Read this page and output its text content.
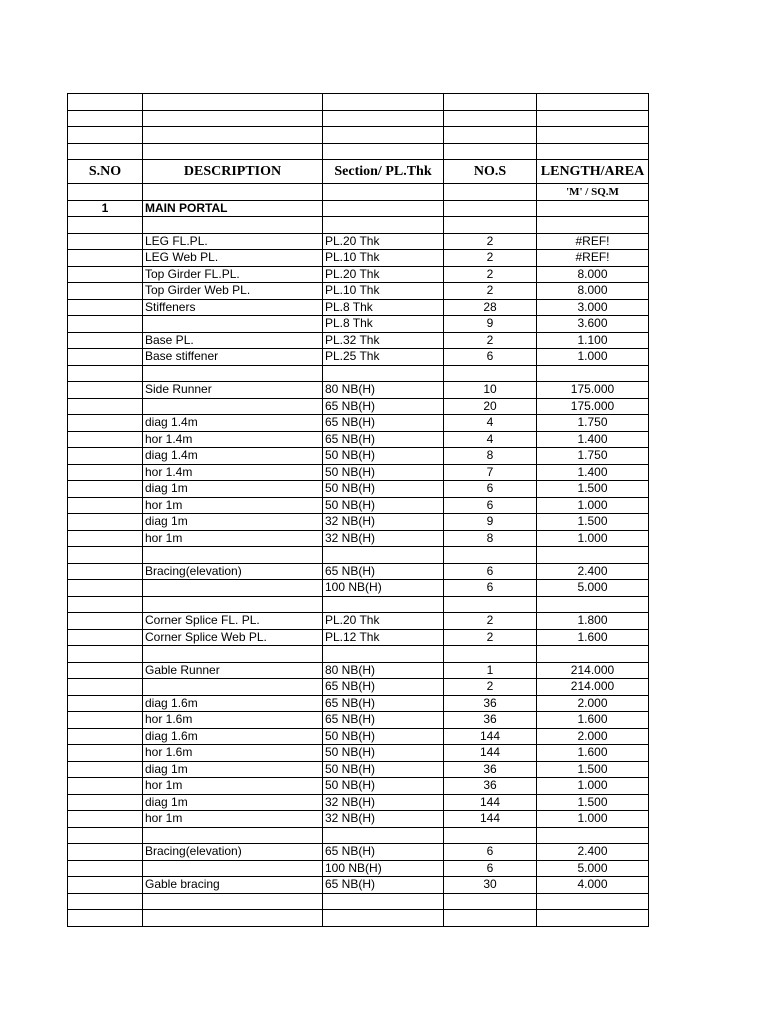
S.NO	DESCRIPTION	Section/ PL.Thk	NO.S	LENGTH/AREA
				'M' / SQ.M
1	MAIN PORTAL			

	LEG FL.PL.	PL.20 Thk	2	#REF!
	LEG Web PL.	PL.10 Thk	2	#REF!
	Top Girder FL.PL.	PL.20 Thk	2	8.000
	Top Girder Web PL.	PL.10 Thk	2	8.000
	Stiffeners	PL.8 Thk	28	3.000
		PL.8 Thk	9	3.600
	Base PL.	PL.32 Thk	2	1.100
	Base stiffener	PL.25 Thk	6	1.000

	Side Runner	80 NB(H)	10	175.000
		65 NB(H)	20	175.000
	diag 1.4m	65 NB(H)	4	1.750
	hor 1.4m	65 NB(H)	4	1.400
	diag 1.4m	50 NB(H)	8	1.750
	hor 1.4m	50 NB(H)	7	1.400
	diag 1m	50 NB(H)	6	1.500
	hor 1m	50 NB(H)	6	1.000
	diag 1m	32 NB(H)	9	1.500
	hor 1m	32 NB(H)	8	1.000

	Bracing(elevation)	65 NB(H)	6	2.400
		100 NB(H)	6	5.000

	Corner Splice FL. PL.	PL.20 Thk	2	1.800
	Corner Splice Web PL.	PL.12 Thk	2	1.600

	Gable Runner	80 NB(H)	1	214.000
		65 NB(H)	2	214.000
	diag 1.6m	65 NB(H)	36	2.000
	hor 1.6m	65 NB(H)	36	1.600
	diag 1.6m	50 NB(H)	144	2.000
	hor 1.6m	50 NB(H)	144	1.600
	diag 1m	50 NB(H)	36	1.500
	hor 1m	50 NB(H)	36	1.000
	diag 1m	32 NB(H)	144	1.500
	hor 1m	32 NB(H)	144	1.000

	Bracing(elevation)	65 NB(H)	6	2.400
		100 NB(H)	6	5.000
	Gable bracing	65 NB(H)	30	4.000
